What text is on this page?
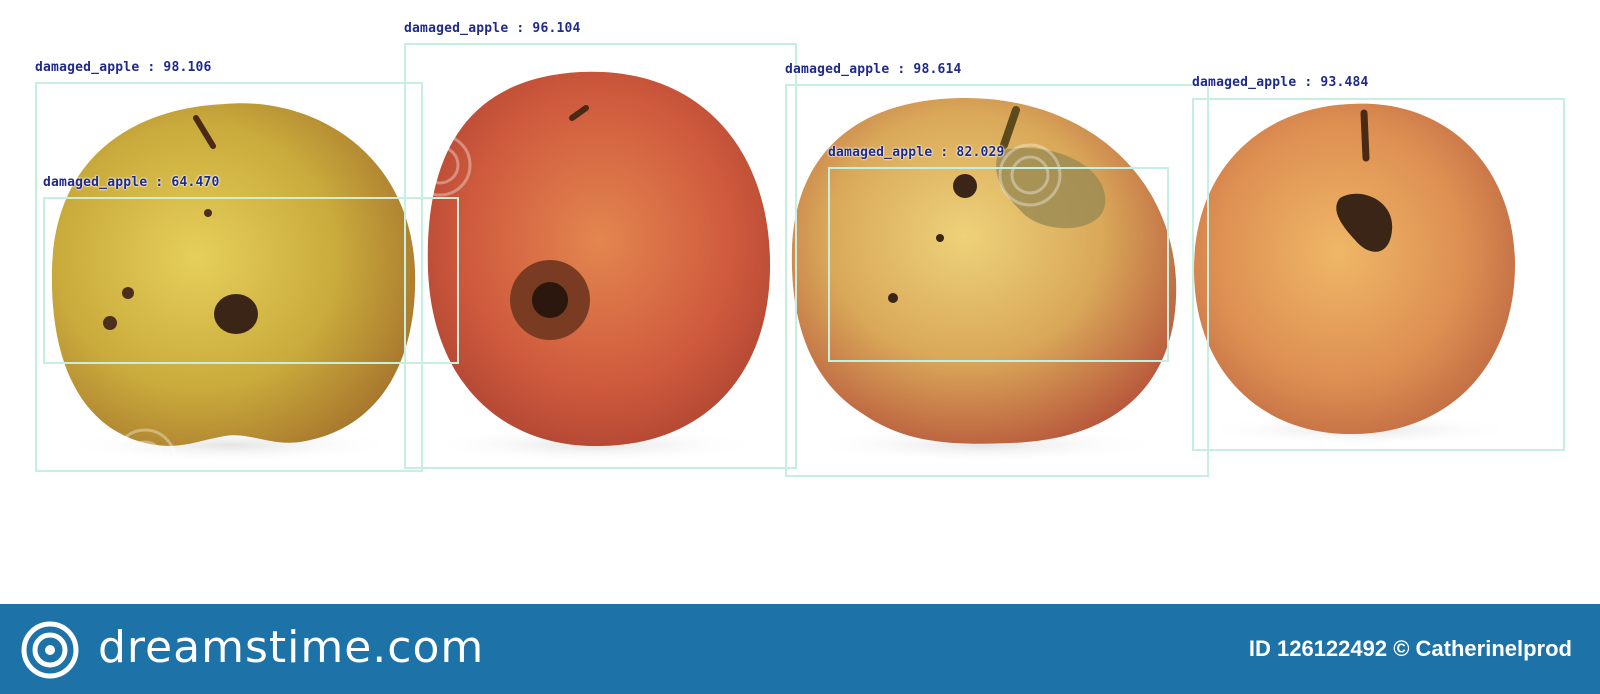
damaged_apple : 98.106
damaged_apple : 96.104
damaged_apple : 98.614
damaged_apple : 93.484
damaged_apple : 64.470
damaged_apple : 82.029
dreamstime.com	ID 126122492 © Catherinelprod
